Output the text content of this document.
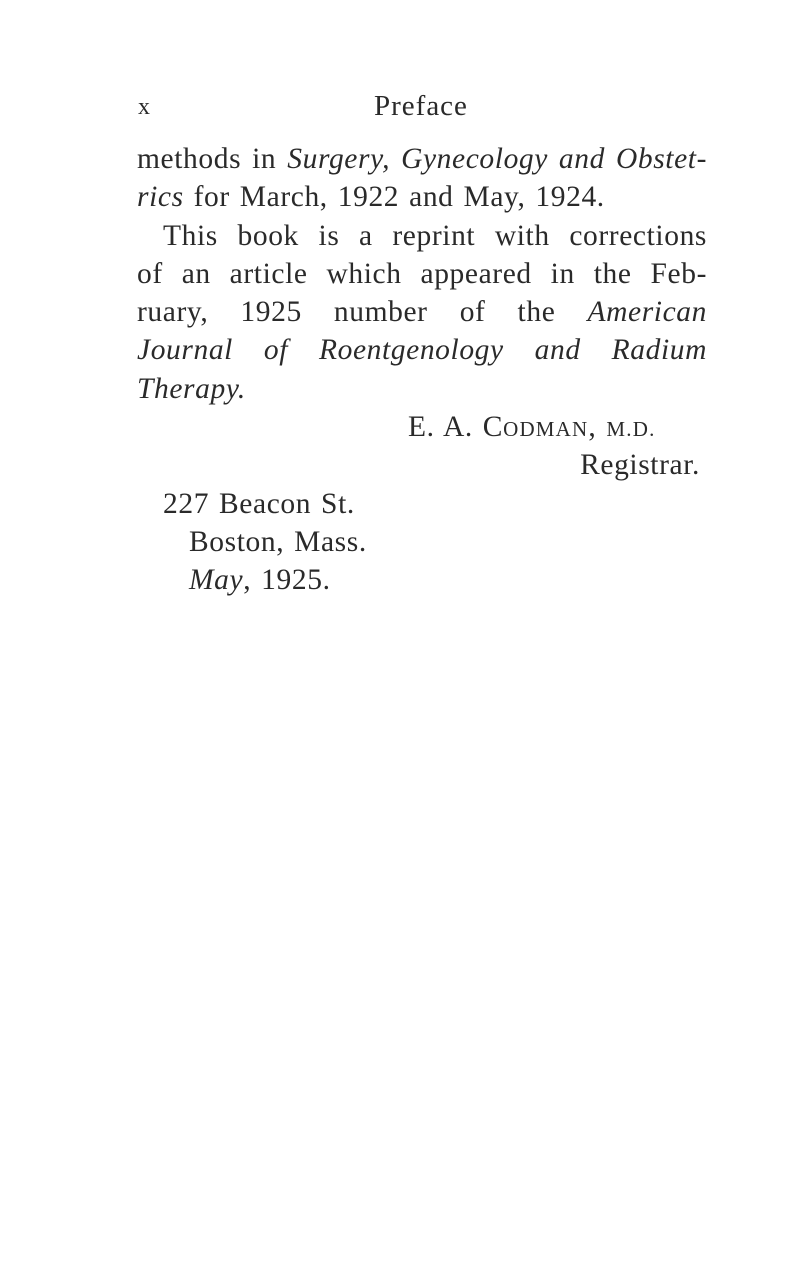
x	Preface
methods in Surgery, Gynecology and Obstet-
rics for March, 1922 and May, 1924.
This book is a reprint with corrections
of an article which appeared in the Feb-
ruary, 1925 number of the American
Journal of Roentgenology and Radium
Therapy.
E. A. CODMAN, M.D.
Registrar.
227 Beacon St.
Boston, Mass.
May, 1925.
